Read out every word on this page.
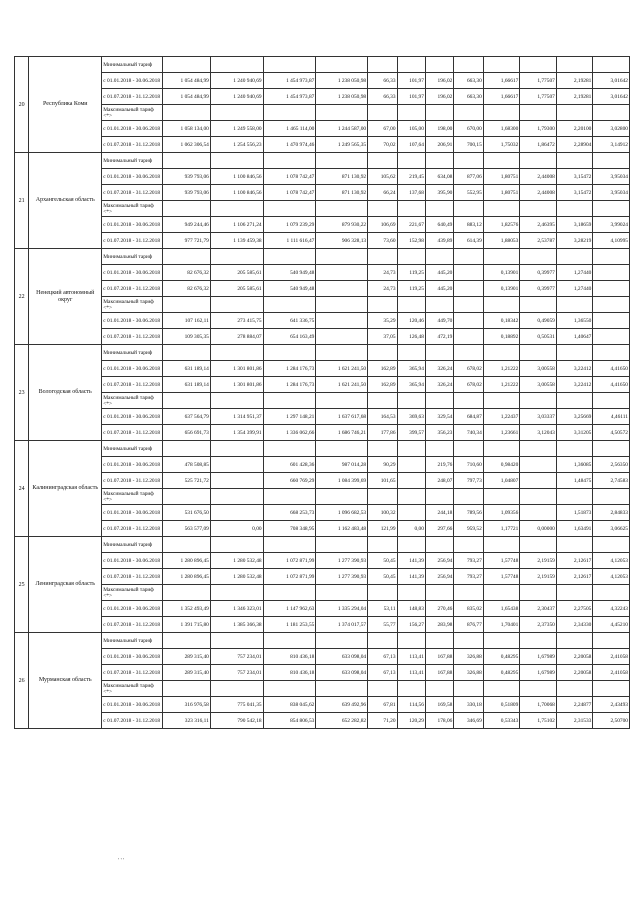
20	Республика Коми	Минимальный тариф												
		с 01.01.2018 - 30.06.2018	1 054 484,99	1 240 940,69	1 454 973,87	1 238 050,98	66,33	101,97	196,02	663,30	1,66617	1,77507	2,19281	3,01642
		с 01.07.2018 - 31.12.2018	1 054 484,99	1 240 940,69	1 454 973,87	1 238 050,98	66,33	101,97	196,02	663,30	1,66617	1,77507	2,19281	3,01642
		Максимальный тариф <*>												
		с 01.01.2018 - 30.06.2018	1 058 134,00	1 249 558,00	1 465 114,00	1 244 587,00	67,00	105,00	198,00	670,00	1,68300	1,79300	2,20100	3,02800
		с 01.07.2018 - 31.12.2018	1 062 306,54	1 254 556,23	1 470 974,46	1 249 565,35	70,02	107,64	206,91	700,15	1,75032	1,86472	2,28904	3,14912
21	Архангельская область	Минимальный тариф												
		с 01.01.2018 - 30.06.2018	939 793,06	1 100 846,56	1 078 742,47	871 130,92	105,62	219,45	634,08	877,06	1,80751	2,44008	3,15472	3,95034
		с 01.07.2018 - 31.12.2018	939 793,06	1 100 846,56	1 078 742,47	871 130,92	66,24	137,68	395,90	552,95	1,80751	2,44008	3,15472	3,95034
		Максимальный тариф <*>												
		с 01.01.2018 - 30.06.2018	949 244,46	1 106 271,24	1 079 239,29	879 930,22	106,69	221,67	640,49	883,12	1,82576	2,46395	3,18659	3,99024
		с 01.07.2018 - 31.12.2018	977 721,79	1 139 459,38	1 111 616,47	906 328,13	73,60	152,98	439,89	614,39	1,88053	2,53787	3,28219	4,10995
22	Ненецкий автономный округ	Минимальный тариф												
		с 01.01.2018 - 30.06.2018	82 676,32	205 585,61	540 949,48		24,73	119,25	445,20		0,13901	0,39977	1,27440	
		с 01.07.2018 - 31.12.2018	82 676,32	205 585,61	540 949,48		24,73	119,25	445,20		0,13901	0,39977	1,27440	
		Максимальный тариф <*>												
		с 01.01.2018 - 30.06.2018	107 162,11	273 415,75	641 336,75		35,29	120,46	449,70		0,18342	0,49059	1,36550	
		с 01.07.2018 - 31.12.2018	109 305,35	278 884,07	654 163,49		37,05	126,48	472,19		0,18892	0,50531	1,40647	
23	Вологодская область	Минимальный тариф												
		с 01.01.2018 - 30.06.2018	631 189,14	1 301 801,86	1 284 176,73	1 621 241,50	162,89	365,94	326,24	678,02	1,21222	3,00558	3,22412	4,41650
		с 01.07.2018 - 31.12.2018	631 189,14	1 301 801,86	1 284 176,73	1 621 241,50	162,89	365,94	326,24	678,02	1,21222	3,00558	3,22412	4,41650
		Максимальный тариф <*>												
		с 01.01.2018 - 30.06.2018	637 564,79	1 314 951,37	1 297 148,21	1 637 617,68	164,53	369,63	329,54	684,87	1,22437	3,03337	3,25669	4,46111
		с 01.07.2018 - 31.12.2018	656 691,73	1 354 399,91	1 336 062,66	1 686 746,21	177,86	399,57	356,23	740,34	1,23661	3,12043	3,31205	4,50572
24	Калининградская область	Минимальный тариф												
		с 01.01.2018 - 30.06.2018	478 508,85		601 428,36	987 014,28	90,29		219,76	710,60	0,98420		1,36085	2,56350
		с 01.07.2018 - 31.12.2018	525 721,72		660 769,29	1 084 399,69	101,65		248,07	797,73	1,04807		1,48475	2,74583
		Максимальный тариф <*>												
		с 01.01.2018 - 30.06.2018	531 676,50		668 253,73	1 096 682,53	100,32		244,18	789,56	1,09356		1,51873	2,84833
		с 01.07.2018 - 31.12.2018	563 577,09	0,00	708 348,95	1 162 483,48	121,99	0,00	297,66	959,52	1,17721	0,00000	1,63491	3,06625
25	Ленинградская область	Минимальный тариф												
		с 01.01.2018 - 30.06.2018	1 280 896,45	1 280 532,48	1 072 871,99	1 277 390,93	50,45	141,39	256,94	793,27	1,57748	2,19159	2,12617	4,12053
		с 01.07.2018 - 31.12.2018	1 280 896,45	1 280 532,48	1 072 871,99	1 277 390,93	50,45	141,39	256,94	793,27	1,57748	2,19159	2,12617	4,12053
		Максимальный тариф <*>												
		с 01.01.2018 - 30.06.2018	1 352 493,49	1 346 323,01	1 147 962,63	1 335 294,04	53,11	148,83	270,46	835,02	1,65438	2,30437	2,27505	4,32243
		с 01.07.2018 - 31.12.2018	1 391 715,80	1 385 366,38	1 181 253,55	1 374 017,57	55,77	156,27	283,98	876,77	1,70401	2,37350	2,34330	4,45210
26	Мурманская область	Минимальный тариф												
		с 01.01.2018 - 30.06.2018	289 315,40	757 234,01	810 436,18	633 098,04	67,13	113,41	167,88	326,88	0,48295	1,67989	2,20058	2,41058
		с 01.07.2018 - 31.12.2018	289 315,40	757 234,01	810 436,18	633 098,04	67,13	113,41	167,88	326,88	0,48295	1,67989	2,20058	2,41058
		Максимальный тариф <*>												
		с 01.01.2018 - 30.06.2018	316 976,58	775 041,35	838 045,62	639 492,96	67,81	114,56	169,58	330,18	0,51809	1,70068	2,24877	2,43493
		с 01.07.2018 - 31.12.2018	323 316,11	790 542,18	854 806,53	652 282,82	71,20	120,29	178,06	346,69	0,53343	1,75102	2,31533	2,50700
' ' '
